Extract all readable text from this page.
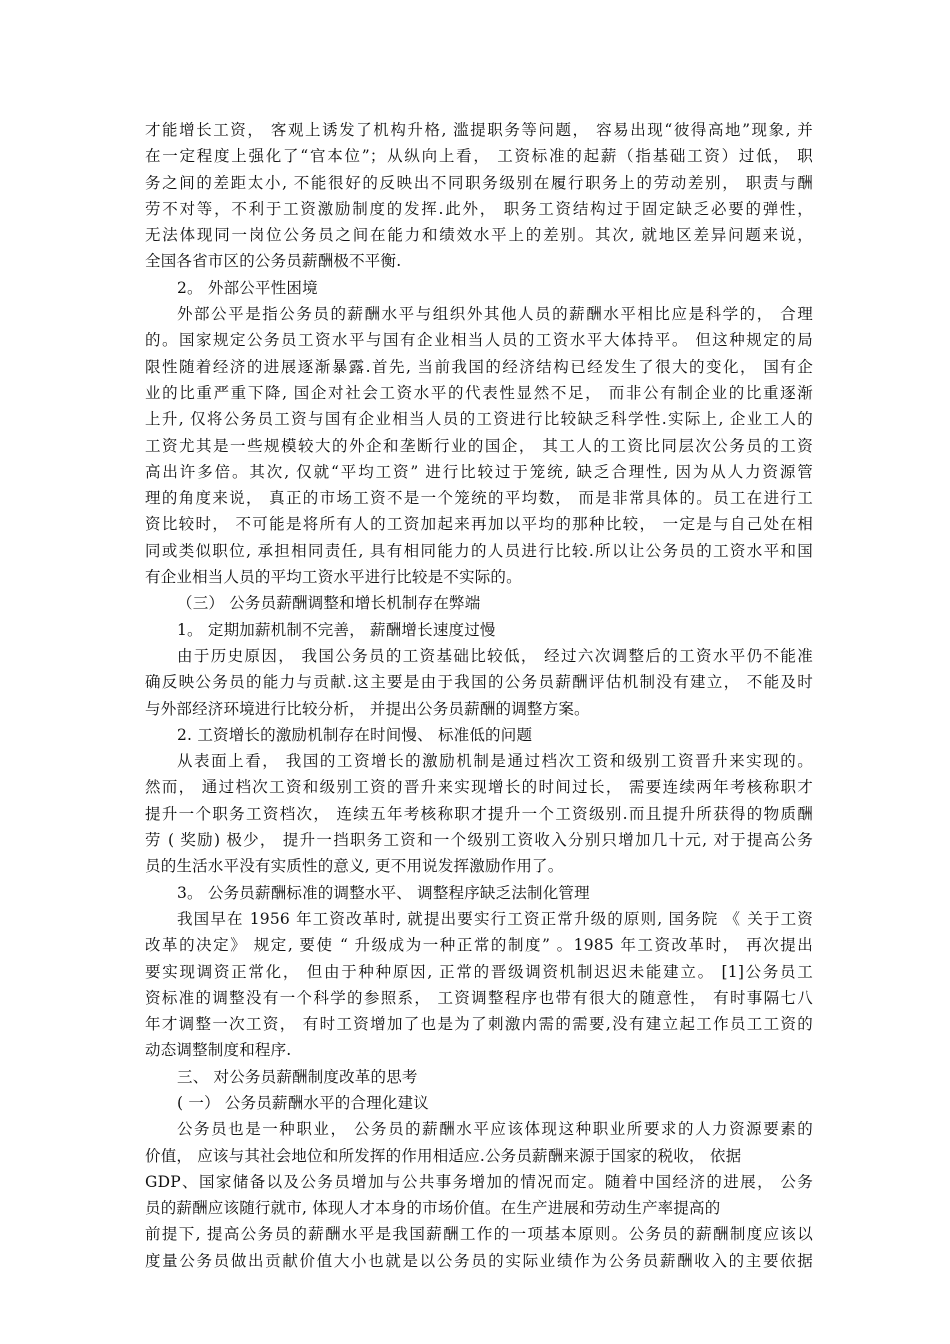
才能增长工资， 客观上诱发了机构升格, 滥提职务等问题， 容易出现“彼得高地”现象, 并
在一定程度上强化了“官本位”；从纵向上看， 工资标准的起薪（指基础工资）过低， 职
务之间的差距太小, 不能很好的反映出不同职务级别在履行职务上的劳动差别， 职责与酬
劳不对等，不利于工资激励制度的发挥.此外， 职务工资结构过于固定缺乏必要的弹性，
无法体现同一岗位公务员之间在能力和绩效水平上的差别。其次, 就地区差异问题来说，
全国各省市区的公务员薪酬极不平衡.
2。 外部公平性困境
外部公平是指公务员的薪酬水平与组织外其他人员的薪酬水平相比应是科学的， 合理
的。国家规定公务员工资水平与国有企业相当人员的工资水平大体持平。 但这种规定的局
限性随着经济的进展逐渐暴露.首先, 当前我国的经济结构已经发生了很大的变化， 国有企
业的比重严重下降, 国企对社会工资水平的代表性显然不足， 而非公有制企业的比重逐渐
上升, 仅将公务员工资与国有企业相当人员的工资进行比较缺乏科学性.实际上, 企业工人的
工资尤其是一些规模较大的外企和垄断行业的国企， 其工人的工资比同层次公务员的工资
高出许多倍。其次, 仅就“平均工资” 进行比较过于笼统, 缺乏合理性, 因为从人力资源管
理的角度来说， 真正的市场工资不是一个笼统的平均数， 而是非常具体的。员工在进行工
资比较时， 不可能是将所有人的工资加起来再加以平均的那种比较， 一定是与自己处在相
同或类似职位, 承担相同责任, 具有相同能力的人员进行比较.所以让公务员的工资水平和国
有企业相当人员的平均工资水平进行比较是不实际的。
（三） 公务员薪酬调整和增长机制存在弊端
1。 定期加薪机制不完善， 薪酬增长速度过慢
由于历史原因， 我国公务员的工资基础比较低， 经过六次调整后的工资水平仍不能准
确反映公务员的能力与贡献.这主要是由于我国的公务员薪酬评估机制没有建立， 不能及时
与外部经济环境进行比较分析， 并提出公务员薪酬的调整方案。
2. 工资增长的激励机制存在时间慢、 标准低的问题
从表面上看， 我国的工资增长的激励机制是通过档次工资和级别工资晋升来实现的。
然而， 通过档次工资和级别工资的晋升来实现增长的时间过长， 需要连续两年考核称职才
提升一个职务工资档次， 连续五年考核称职才提升一个工资级别.而且提升所获得的物质酬
劳 ( 奖励) 极少， 提升一挡职务工资和一个级别工资收入分别只增加几十元, 对于提高公务
员的生活水平没有实质性的意义, 更不用说发挥激励作用了。
3。 公务员薪酬标准的调整水平、 调整程序缺乏法制化管理
我国早在 1956 年工资改革时, 就提出要实行工资正常升级的原则, 国务院 《 关于工资
改革的决定》 规定, 要使 “ 升级成为一种正常的制度” 。1985 年工资改革时， 再次提出
要实现调资正常化， 但由于种种原因, 正常的晋级调资机制迟迟未能建立。 [1]公务员工
资标准的调整没有一个科学的参照系， 工资调整程序也带有很大的随意性， 有时事隔七八
年才调整一次工资， 有时工资增加了也是为了刺激内需的需要,没有建立起工作员工工资的
动态调整制度和程序.
三、 对公务员薪酬制度改革的思考
( 一） 公务员薪酬水平的合理化建议
公务员也是一种职业， 公务员的薪酬水平应该体现这种职业所要求的人力资源要素的
价值， 应该与其社会地位和所发挥的作用相适应.公务员薪酬来源于国家的税收， 依据
GDP、国家储备以及公务员增加与公共事务增加的情况而定。随着中国经济的进展， 公务
员的薪酬应该随行就市, 体现人才本身的市场价值。在生产进展和劳动生产率提高的
前提下, 提高公务员的薪酬水平是我国薪酬工作的一项基本原则。公务员的薪酬制度应该以
度量公务员做出贡献价值大小也就是以公务员的实际业绩作为公务员薪酬收入的主要依据
